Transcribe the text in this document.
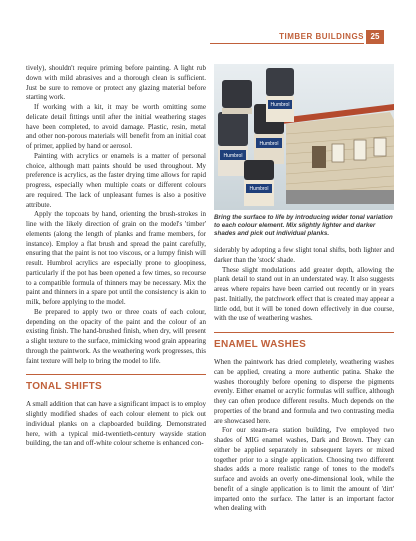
TIMBER BUILDINGS 25

tively), shouldn't require priming before painting. A light rub down with mild abrasives and a thorough clean is sufficient. Just be sure to remove or protect any glazing material before starting work.

If working with a kit, it may be worth omitting some delicate detail fittings until after the initial weathering stages have been completed, to avoid damage. Plastic, resin, metal and other non-porous materials will benefit from an initial coat of primer, applied by hand or aerosol.

Painting with acrylics or enamels is a matter of personal choice, although matt paints should be used throughout. My preference is acrylics, as the faster drying time allows for rapid progress, especially when multiple coats or different colours are required. The lack of unpleasant fumes is also a positive attribute.

Apply the topcoats by hand, orienting the brush-strokes in line with the likely direction of grain on the model's 'timber' elements (along the length of planks and frame members, for instance). Employ a flat brush and spread the paint carefully, ensuring that the paint is not too viscous, or a lumpy finish will result. Humbrol acrylics are especially prone to gloopiness, particularly if the pot has been opened a few times, so recourse to a compatible formula of thinners may be necessary. Mix the paint and thinners in a spare pot until the consistency is akin to milk, before applying to the model.

Be prepared to apply two or three coats of each colour, depending on the opacity of the paint and the colour of an existing finish. The hand-brushed finish, when dry, will present a slight texture to the surface, mimicking wood grain appearing through the paintwork. As the weathering work progresses, this faint texture will help to bring the model to life.

TONAL SHIFTS

A small addition that can have a significant impact is to employ slightly modified shades of each colour element to pick out individual planks on a clapboarded building. Demonstrated here, with a typical mid-twentieth-century wayside station building, the tan and off-white colour scheme is enhanced con-

Humbrol
Humbrol
Humbrol
Humbrol

Bring the surface to life by introducing wider tonal variation to each colour element. Mix slightly lighter and darker shades and pick out individual planks.

siderably by adopting a few slight tonal shifts, both lighter and darker than the 'stock' shade.

These slight modulations add greater depth, allowing the plank detail to stand out in an understated way. It also suggests areas where repairs have been carried out recently or in years past. Initially, the patchwork effect that is created may appear a little odd, but it will be toned down effectively in due course, with the use of weathering washes.

ENAMEL WASHES

When the paintwork has dried completely, weathering washes can be applied, creating a more authentic patina. Shake the washes thoroughly before opening to disperse the pigments evenly. Either enamel or acrylic formulas will suffice, although they can often produce different results. Much depends on the properties of the brand and formula and two contrasting media are showcased here.

For our steam-era station building, I've employed two shades of MIG enamel washes, Dark and Brown. They can either be applied separately in subsequent layers or mixed together prior to a single application. Choosing two different shades adds a more realistic range of tones to the model's surface and avoids an overly one-dimensional look, while the benefit of a single application is to limit the amount of 'dirt' imparted onto the surface. The latter is an important factor when dealing with
